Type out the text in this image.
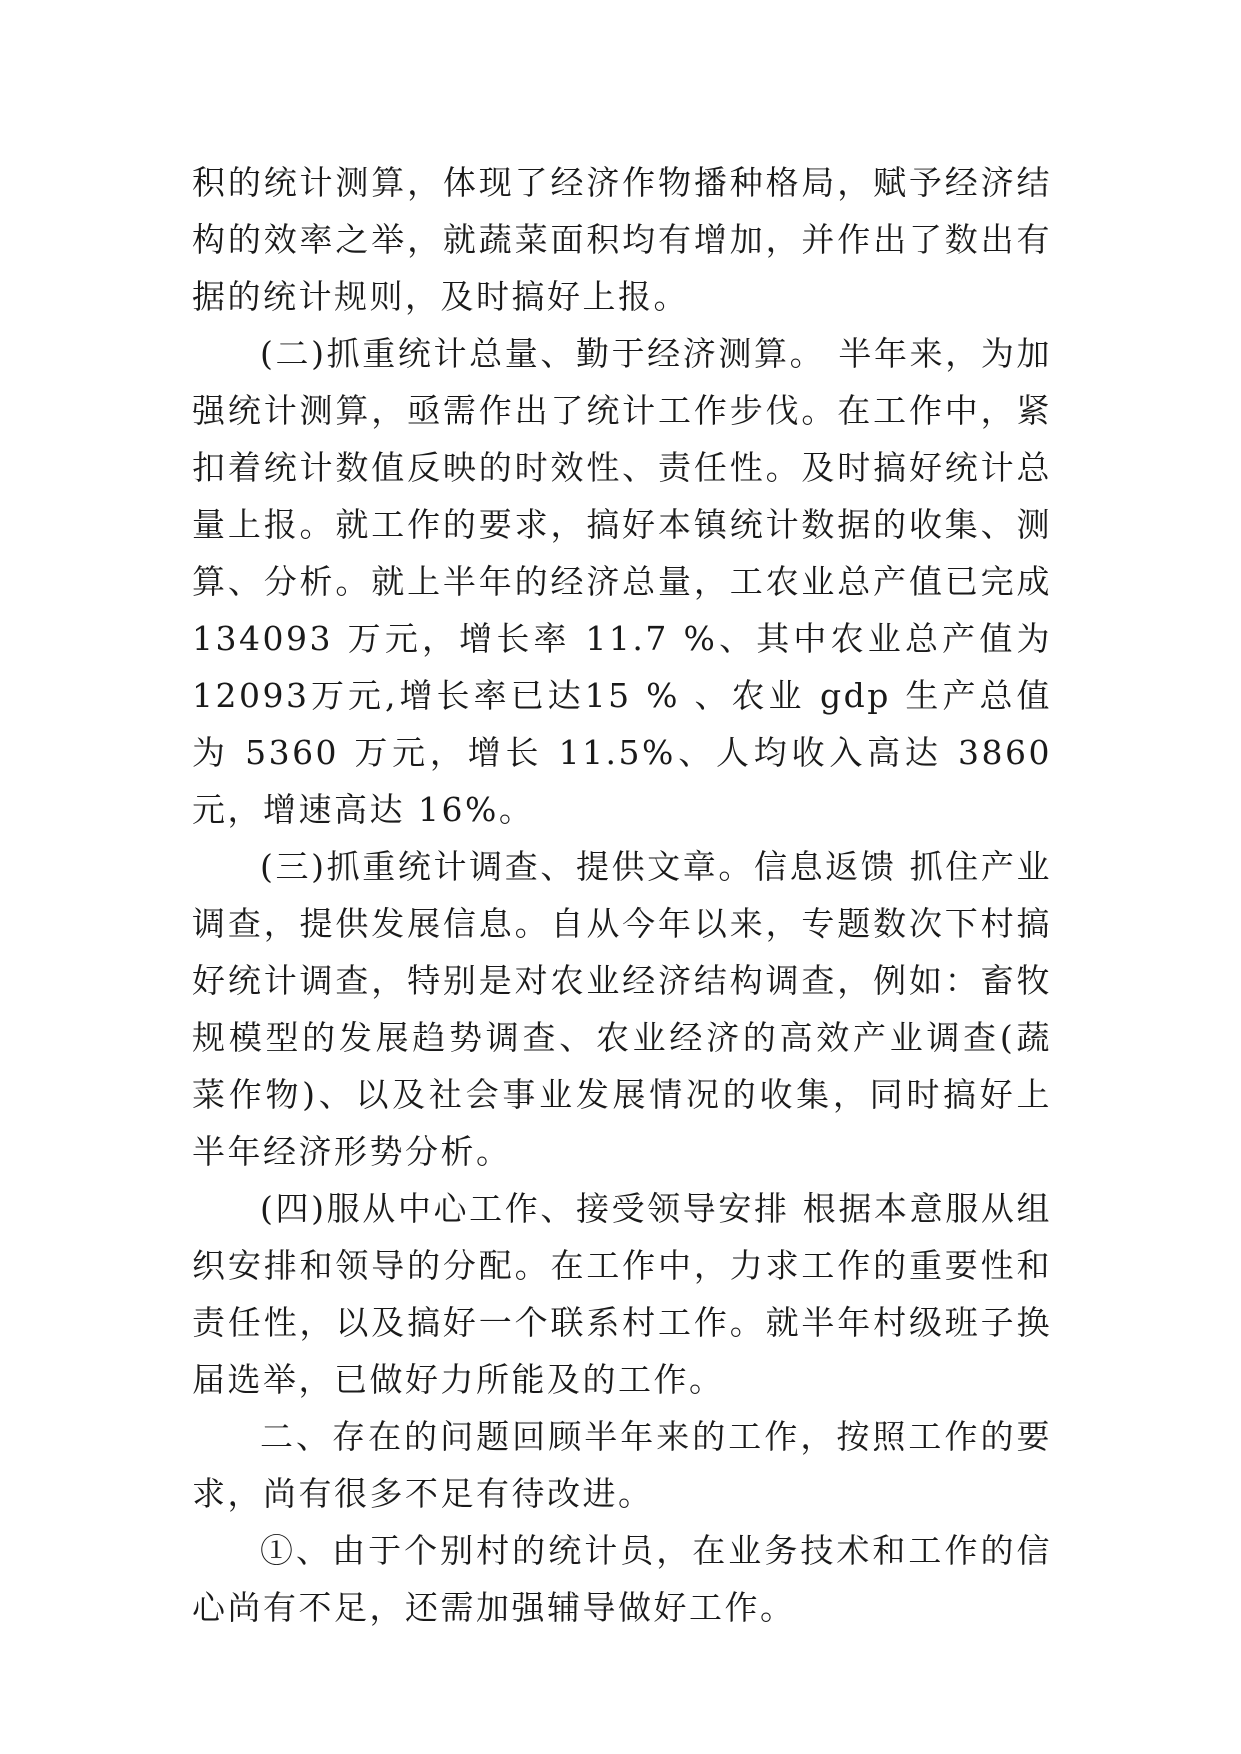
积的统计测算，体现了经济作物播种格局，赋予经济结构的效率之举，就蔬菜面积均有增加，并作出了数出有据的统计规则，及时搞好上报。

(二)抓重统计总量、勤于经济测算。 半年来，为加强统计测算，亟需作出了统计工作步伐。在工作中，紧扣着统计数值反映的时效性、责任性。及时搞好统计总量上报。就工作的要求，搞好本镇统计数据的收集、测算、分析。就上半年的经济总量，工农业总产值已完成 134093 万元，增长率 11.7 %、其中农业总产值为12093万元,增长率已达15 % 、农业 gdp 生产总值为 5360 万元，增长 11.5%、人均收入高达 3860 元，增速高达 16%。

(三)抓重统计调查、提供文章。信息返馈 抓住产业调查，提供发展信息。自从今年以来，专题数次下村搞好统计调查，特别是对农业经济结构调查，例如：畜牧规模型的发展趋势调查、农业经济的高效产业调查(蔬菜作物)、以及社会事业发展情况的收集，同时搞好上半年经济形势分析。

(四)服从中心工作、接受领导安排 根据本意服从组织安排和领导的分配。在工作中，力求工作的重要性和责任性，以及搞好一个联系村工作。就半年村级班子换届选举，已做好力所能及的工作。

二、存在的问题回顾半年来的工作，按照工作的要求，尚有很多不足有待改进。

①、由于个别村的统计员，在业务技术和工作的信心尚有不足，还需加强辅导做好工作。
